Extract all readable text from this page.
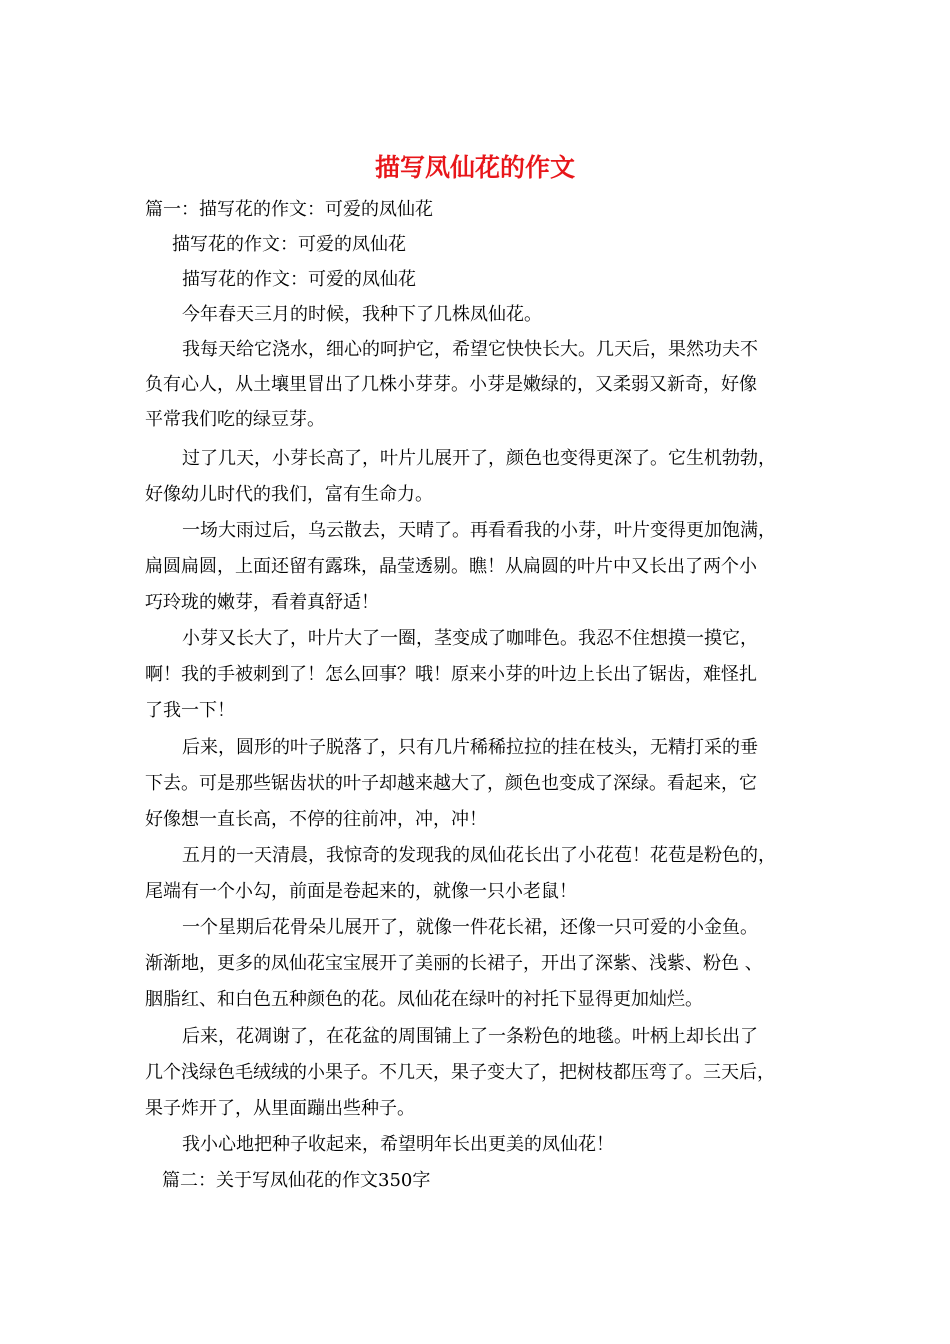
描写凤仙花的作文

篇一：描写花的作文：可爱的凤仙花

描写花的作文：可爱的凤仙花

描写花的作文：可爱的凤仙花

今年春天三月的时候，我种下了几株凤仙花。

我每天给它浇水，细心的呵护它，希望它快快长大。几天后，果然功夫不

负有心人，从土壤里冒出了几株小芽芽。小芽是嫩绿的，又柔弱又新奇，好像

平常我们吃的绿豆芽。

过了几天，小芽长高了，叶片儿展开了，颜色也变得更深了。它生机勃勃，

好像幼儿时代的我们，富有生命力。

一场大雨过后，乌云散去，天晴了。再看看我的小芽，叶片变得更加饱满，

扁圆扁圆，上面还留有露珠，晶莹透剔。瞧！从扁圆的叶片中又长出了两个小

巧玲珑的嫩芽，看着真舒适！

小芽又长大了，叶片大了一圈，茎变成了咖啡色。我忍不住想摸一摸它，

啊！我的手被刺到了！怎么回事？哦！原来小芽的叶边上长出了锯齿，难怪扎

了我一下！

后来，圆形的叶子脱落了，只有几片稀稀拉拉的挂在枝头，无精打采的垂

下去。可是那些锯齿状的叶子却越来越大了，颜色也变成了深绿。看起来，它

好像想一直长高，不停的往前冲，冲，冲！

五月的一天清晨，我惊奇的发现我的凤仙花长出了小花苞！花苞是粉色的，

尾端有一个小勾，前面是卷起来的，就像一只小老鼠！

一个星期后花骨朵儿展开了，就像一件花长裙，还像一只可爱的小金鱼。

渐渐地，更多的凤仙花宝宝展开了美丽的长裙子，开出了深紫、浅紫、粉色 、

胭脂红、和白色五种颜色的花。凤仙花在绿叶的衬托下显得更加灿烂。

后来，花凋谢了，在花盆的周围铺上了一条粉色的地毯。叶柄上却长出了

几个浅绿色毛绒绒的小果子。不几天，果子变大了，把树枝都压弯了。三天后，

果子炸开了，从里面蹦出些种子。

我小心地把种子收起来，希望明年长出更美的凤仙花！

篇二：关于写凤仙花的作文350字
